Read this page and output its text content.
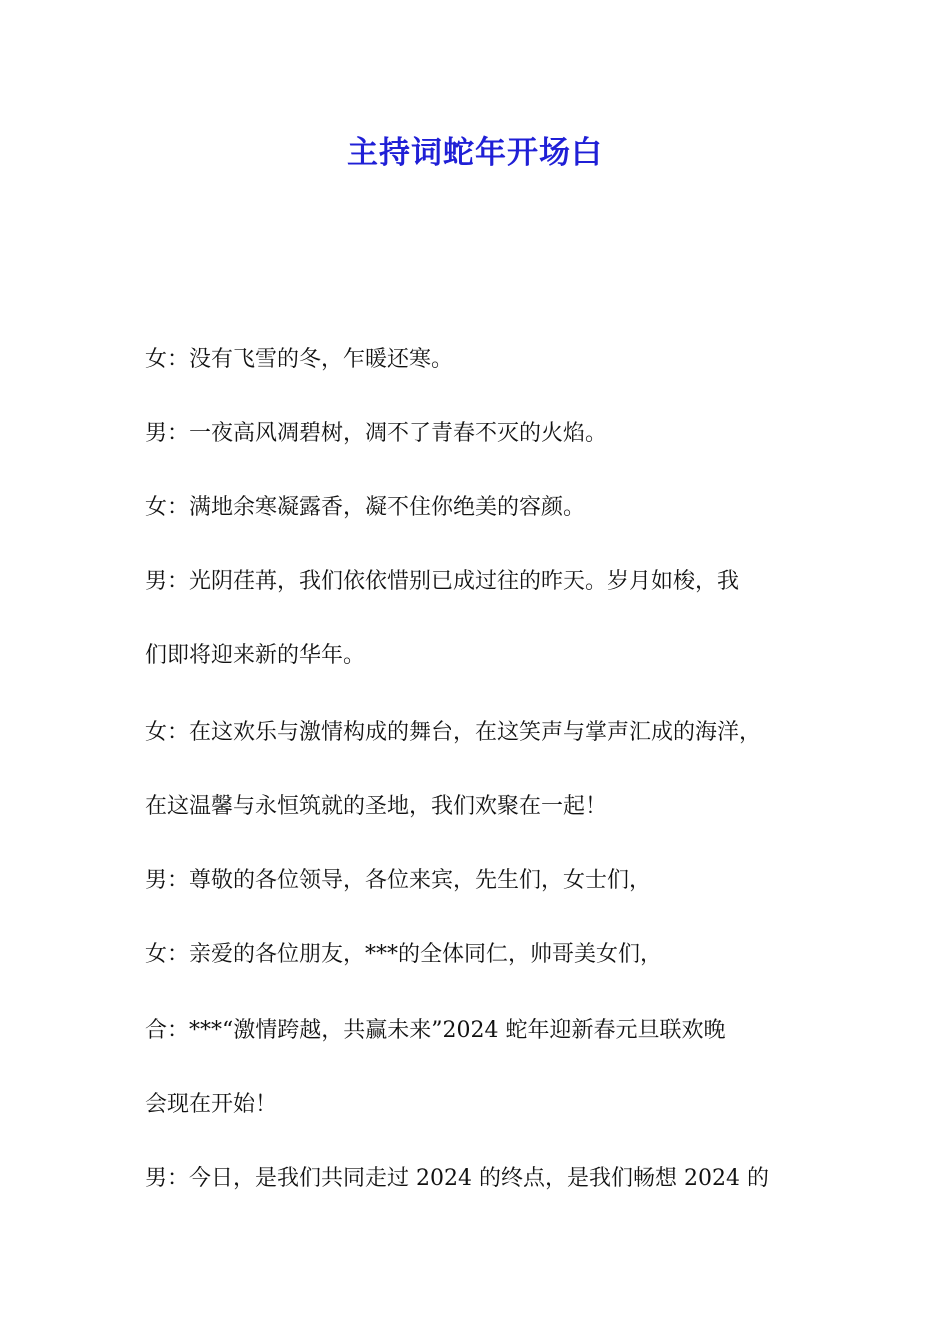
主持词蛇年开场白
女：没有飞雪的冬，乍暖还寒。
男：一夜高风凋碧树，凋不了青春不灭的火焰。
女：满地余寒凝露香，凝不住你绝美的容颜。
男：光阴荏苒，我们依依惜别已成过往的昨天。岁月如梭，我
们即将迎来新的华年。
女：在这欢乐与激情构成的舞台，在这笑声与掌声汇成的海洋，
在这温馨与永恒筑就的圣地，我们欢聚在一起！
男：尊敬的各位领导，各位来宾，先生们，女士们，
女：亲爱的各位朋友，***的全体同仁，帅哥美女们，
合：***“激情跨越，共赢未来”2024 蛇年迎新春元旦联欢晚
会现在开始！
男：今日，是我们共同走过 2024 的终点，是我们畅想 2024 的
